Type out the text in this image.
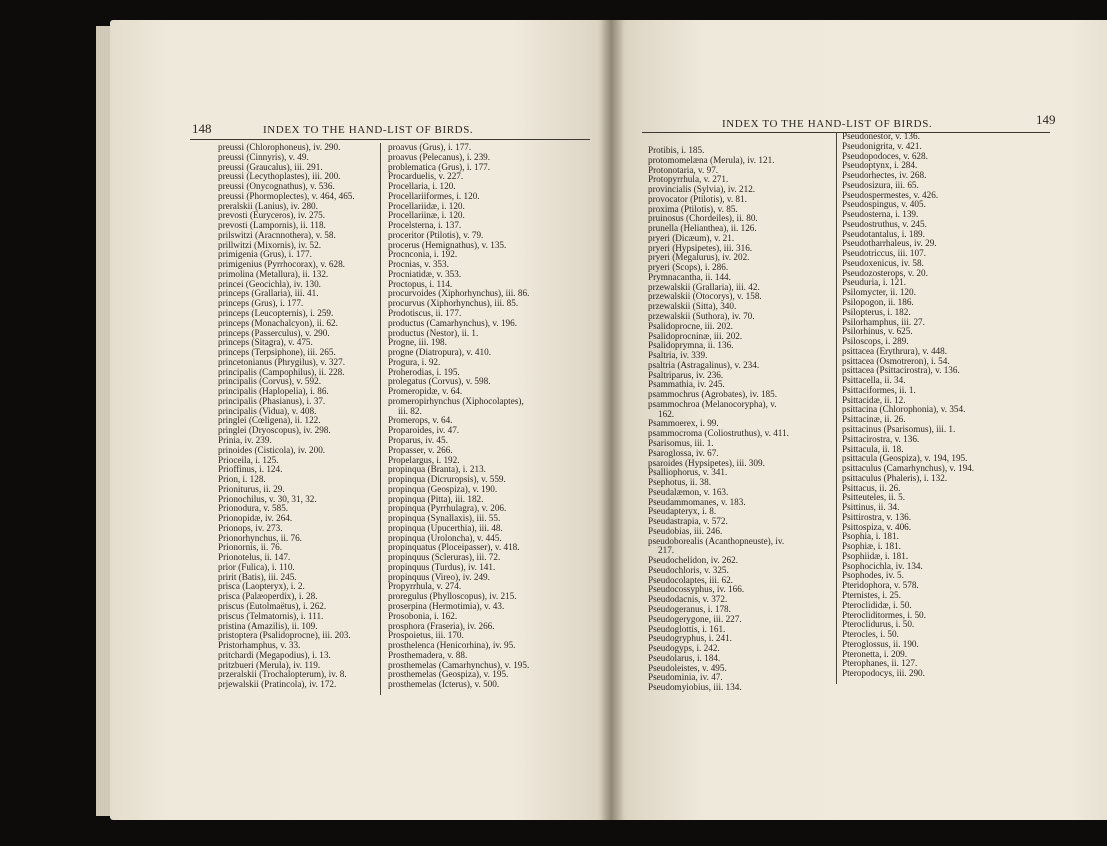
148	INDEX TO THE HAND-LIST OF BIRDS.
preussi (Chlorophoneus), iv. 290.
preussi (Cinnyris), v. 49.
preussi (Graucalus), iii. 291.
preussi (Lecythoplastes), iii. 200.
preussi (Onycognathus), v. 536.
preussi (Phormoplectes), v. 464, 465.
preralskii (Lanius), iv. 280.
prevosti (Euryceros), iv. 275.
prevosti (Lampornis), ii. 118.
prilswitzi (Aracnnothera), v. 58.
prillwitzi (Mixornis), iv. 52.
primigenia (Grus), i. 177.
primigenius (Pyrrhocorax), v. 628.
primolina (Metallura), ii. 132.
princei (Geocichla), iv. 130.
princeps (Grallaria), iii. 41.
princeps (Grus), i. 177.
princeps (Leucopternis), i. 259.
princeps (Monachalcyon), ii. 62.
princeps (Passerculus), v. 290.
princeps (Sitagra), v. 475.
princeps (Terpsiphone), iii. 265.
princetonianus (Phrygilus), v. 327.
principalis (Campophilus), ii. 228.
principalis (Corvus), v. 592.
principalis (Haplopelia), i. 86.
principalis (Phasianus), i. 37.
principalis (Vidua), v. 408.
pringlei (Cœligena), ii. 122.
pringlei (Dryoscopus), iv. 298.
Prinia, iv. 239.
prinoides (Cisticola), iv. 200.
Prioceila, i. 125.
Prioffinus, i. 124.
Prion, i. 128.
Prioniturus, ii. 29.
Prionochilus, v. 30, 31, 32.
Prionodura, v. 585.
Prionopidæ, iv. 264.
Prionops, iv. 273.
Prionorhynchus, ii. 76.
Prionornis, ii. 76.
Prionotelus, ii. 147.
prior (Fulica), i. 110.
pririt (Batis), iii. 245.
prisca (Laopteryx), i. 2.
prisca (Palæoperdix), i. 28.
priscus (Eutolmaëtus), i. 262.
priscus (Telmatornis), i. 111.
pristina (Amazilis), ii. 109.
pristoptera (Psalidoprocne), iii. 203.
Pristorhamphus, v. 33.
pritchardi (Megapodius), i. 13.
pritzbueri (Merula), iv. 119.
przeralskii (Trochalopterum), iv. 8.
prjewalskii (Pratincola), iv. 172.
proavus (Grus), i. 177.
proavus (Pelecanus), i. 239.
problematica (Grus), i. 177.
Procarduelis, v. 227.
Procellaria, i. 120.
Procellariiformes, i. 120.
Procellariidæ, i. 120.
Procellariinæ, i. 120.
Procelsterna, i. 137.
proceritor (Ptilotis), v. 79.
procerus (Hemignathus), v. 135.
Procnconia, i. 192.
Procnias, v. 353.
Procniatidæ, v. 353.
Proctopus, i. 114.
procurvoides (Xiphorhynchus), iii. 86.
procurvus (Xiphorhynchus), iii. 85.
Prodotiscus, ii. 177.
productus (Camarhynchus), v. 196.
productus (Nestor), ii. 1.
Progne, iii. 198.
progne (Diatropura), v. 410.
Progura, i. 92.
Proherodias, i. 195.
prolegatus (Corvus), v. 598.
Promeropidæ, v. 64.
promeropirhynchus (Xiphocolaptes),
iii. 82.
Promerops, v. 64.
Proparoides, iv. 47.
Proparus, iv. 45.
Propasser, v. 266.
Propelargus, i. 192.
propinqua (Branta), i. 213.
propinqua (Dicruropsis), v. 559.
propinqua (Geospiza), v. 190.
propinqua (Pitta), iii. 182.
propinqua (Pyrrhulagra), v. 206.
propinqua (Synallaxis), iii. 55.
propinqua (Upucerthia), iii. 48.
propinqua (Uroloncha), v. 445.
propinquatus (Ploceipasser), v. 418.
propinquus (Scleruras), iii. 72.
propinquus (Turdus), iv. 141.
propinquus (Vireo), iv. 249.
Propyrrhula, v. 274.
proregulus (Phylloscopus), iv. 215.
proserpina (Hermotimia), v. 43.
Prosobonia, i. 162.
prosphora (Fraseria), iv. 266.
Prospoietus, iii. 170.
prosthelenca (Henicorhina), iv. 95.
Prosthemadera, v. 88.
prosthemelas (Camarhynchus), v. 195.
prosthemelas (Geospiza), v. 195.
prosthemelas (Icterus), v. 500.
INDEX TO THE HAND-LIST OF BIRDS.	149
Protibis, i. 185.
protomomelæna (Merula), iv. 121.
Protonotaria, v. 97.
Protopyrrhula, v. 271.
provincialis (Sylvia), iv. 212.
provocator (Ptilotis), v. 81.
proxima (Ptilotis), v. 85.
pruinosus (Chordeiles), ii. 80.
prunella (Helianthea), ii. 126.
pryeri (Dicæum), v. 21.
pryeri (Hypsipetes), iii. 316.
pryeri (Megalurus), iv. 202.
pryeri (Scops), i. 286.
Prymnacantha, ii. 144.
przewalskii (Grallaria), iii. 42.
przewalskii (Otocorys), v. 158.
przewalskii (Sitta), 340.
przewalskii (Suthora), iv. 70.
Psalidoprocne, iii. 202.
Psalidoprocninæ, iii. 202.
Psalidoprymna, ii. 136.
Psaltria, iv. 339.
psaltria (Astragalinus), v. 234.
Psaltriparus, iv. 236.
Psammathia, iv. 245.
psammochrus (Agrobates), iv. 185.
psammochroa (Melanocorypha), v.
162.
Psammoerex, i. 99.
psammocroma (Coliostruthus), v. 411.
Psarisomus, iii. 1.
Psaroglossa, iv. 67.
psaroides (Hypsipetes), iii. 309.
Psalliophorus, v. 341.
Psephotus, ii. 38.
Pseudalæmon, v. 163.
Pseudammomanes, v. 183.
Pseudapteryx, i. 8.
Pseudastrapia, v. 572.
Pseudobias, iii. 246.
pseudoborealis (Acanthopneuste), iv.
217.
Pseudochelidon, iv. 262.
Pseudochloris, v. 325.
Pseudocolaptes, iii. 62.
Pseudocossyphus, iv. 166.
Pseudodacnis, v. 372.
Pseudogeranus, i. 178.
Pseudogerygone, iii. 227.
Pseudoglottis, i. 161.
Pseudogryphus, i. 241.
Pseudogyps, i. 242.
Pseudolarus, i. 184.
Pseudoleistes, v. 495.
Pseudominia, iv. 47.
Pseudomyiobius, iii. 134.
Pseudonestor, v. 136.
Pseudonigrita, v. 421.
Pseudopodoces, v. 628.
Pseudoptynx, i. 284.
Pseudorhectes, iv. 268.
Pseudosizura, iii. 65.
Pseudospermestes, v. 426.
Pseudospingus, v. 405.
Pseudosterna, i. 139.
Pseudostruthus, v. 245.
Pseudotantalus, i. 189.
Pseudotharrhaleus, iv. 29.
Pseudotriccus, iii. 107.
Pseudoxenicus, iv. 58.
Pseudozosterops, v. 20.
Pseuduria, i. 121.
Psilomycter, ii. 120.
Psilopogon, ii. 186.
Psilopterus, i. 182.
Psilorhamphus, iii. 27.
Psilorhinus, v. 625.
Psiloscops, i. 289.
psittacea (Erythrura), v. 448.
psittacea (Osmotreron), i. 54.
psittacea (Psittacirostra), v. 136.
Psittacella, ii. 34.
Psittaciformes, ii. 1.
Psittacidæ, ii. 12.
psittacina (Chlorophonia), v. 354.
Psittacinæ, ii. 26.
psittacinus (Psarisomus), iii. 1.
Psittacirostra, v. 136.
Psittacula, ii. 18.
psittacula (Geospiza), v. 194, 195.
psittaculus (Camarhynchus), v. 194.
psittaculus (Phaleris), i. 132.
Psittacus, ii. 26.
Psitteuteles, ii. 5.
Psittinus, ii. 34.
Psittirostra, v. 136.
Psittospiza, v. 406.
Psophia, i. 181.
Psophiæ, i. 181.
Psophiidæ, i. 181.
Psophocichla, iv. 134.
Psophodes, iv. 5.
Pteridophora, v. 578.
Pternistes, i. 25.
Pteroclididæ, i. 50.
Pterocliditormes, i. 50.
Pteroclidurus, i. 50.
Pterocles, i. 50.
Pteroglossus, ii. 190.
Pteronetta, i. 209.
Pterophanes, ii. 127.
Pteropodocys, iii. 290.
